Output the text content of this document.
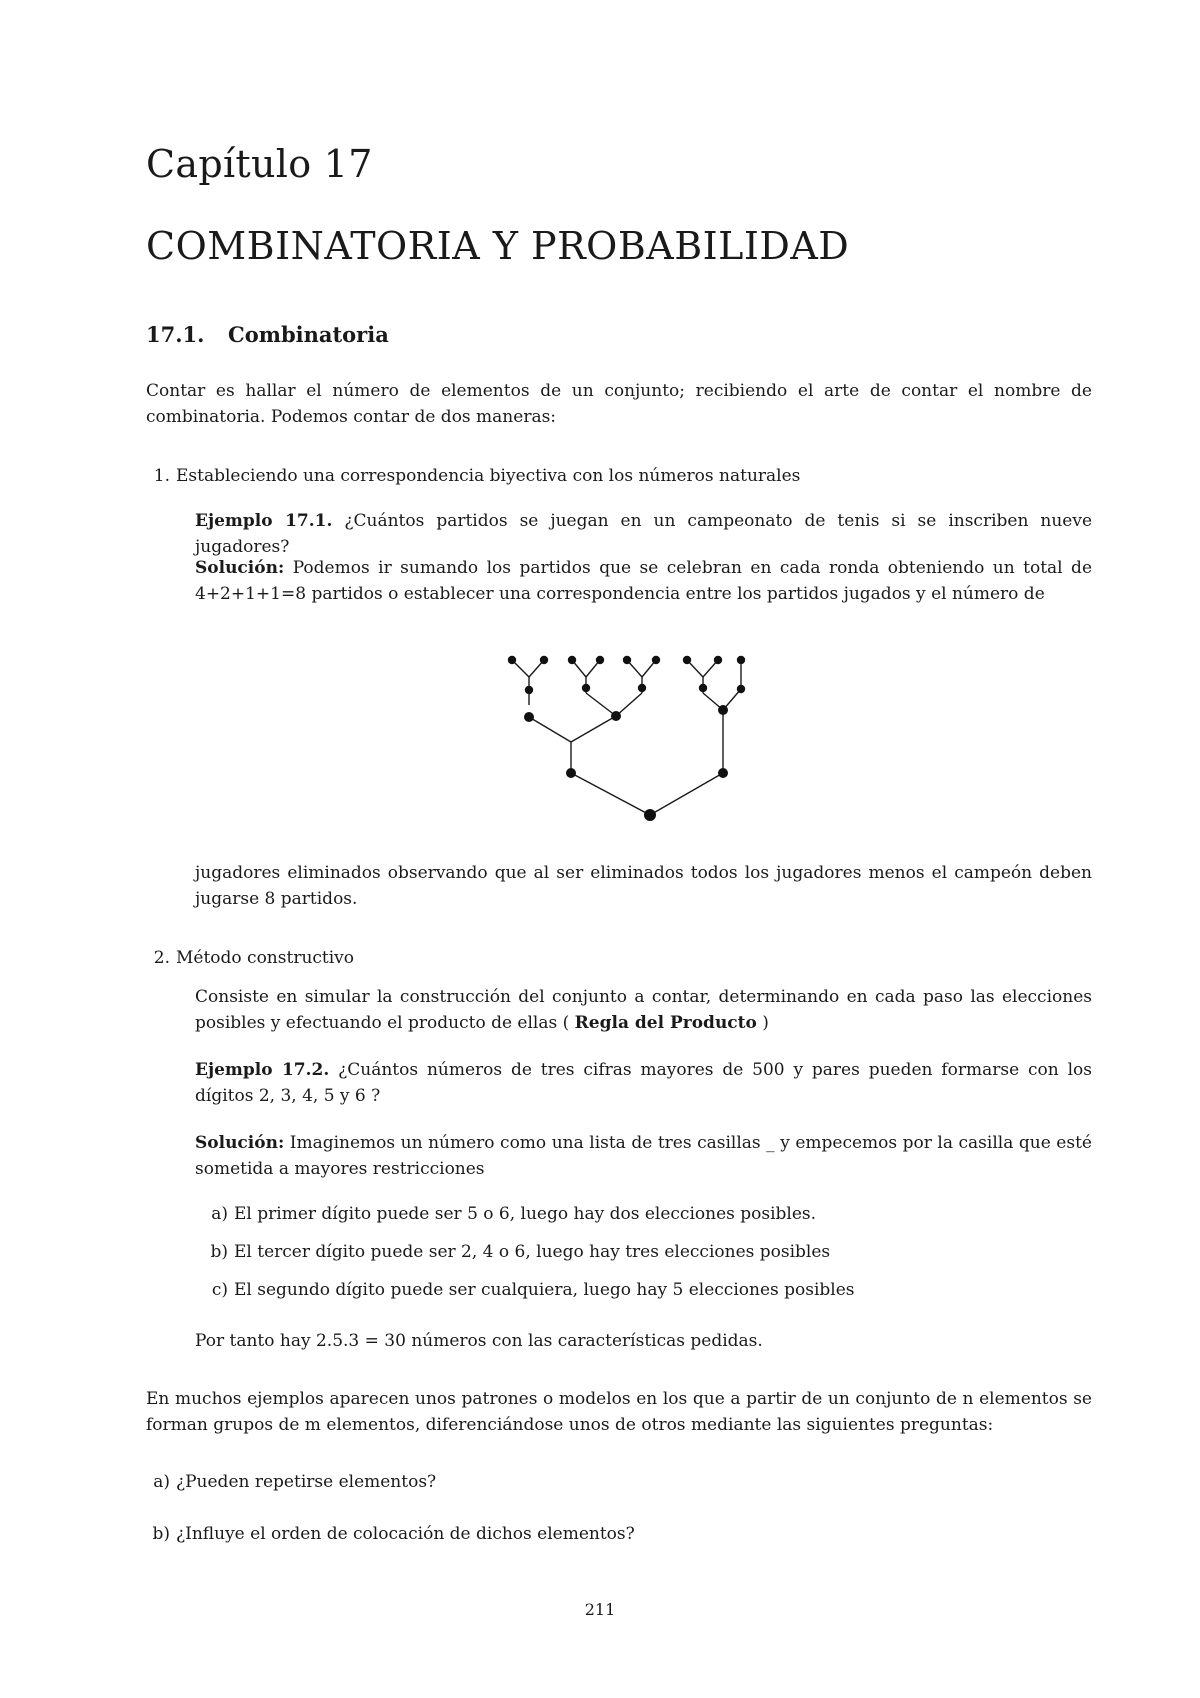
Capítulo 17
COMBINATORIA Y PROBABILIDAD
17.1. Combinatoria
Contar es hallar el número de elementos de un conjunto; recibiendo el arte de contar el nombre de combinatoria. Podemos contar de dos maneras:
1. Estableciendo una correspondencia biyectiva con los números naturales
Ejemplo 17.1. ¿Cuántos partidos se juegan en un campeonato de tenis si se inscriben nueve jugadores?
Solución: Podemos ir sumando los partidos que se celebran en cada ronda obteniendo un total de 4+2+1+1=8 partidos o establecer una correspondencia entre los partidos jugados y el número de
jugadores eliminados observando que al ser eliminados todos los jugadores menos el campeón deben jugarse 8 partidos.
2. Método constructivo
Consiste en simular la construcción del conjunto a contar, determinando en cada paso las elecciones posibles y efectuando el producto de ellas ( Regla del Producto )
Ejemplo 17.2. ¿Cuántos números de tres cifras mayores de 500 y pares pueden formarse con los dígitos 2, 3, 4, 5 y 6 ?
Solución: Imaginemos un número como una lista de tres casillas _ y empecemos por la casilla que esté sometida a mayores restricciones
a) El primer dígito puede ser 5 o 6, luego hay dos elecciones posibles.
b) El tercer dígito puede ser 2, 4 o 6, luego hay tres elecciones posibles
c) El segundo dígito puede ser cualquiera, luego hay 5 elecciones posibles
Por tanto hay 2.5.3 = 30 números con las características pedidas.
En muchos ejemplos aparecen unos patrones o modelos en los que a partir de un conjunto de n elementos se forman grupos de m elementos, diferenciándose unos de otros mediante las siguientes preguntas:
a) ¿Pueden repetirse elementos?
b) ¿Influye el orden de colocación de dichos elementos?
211
